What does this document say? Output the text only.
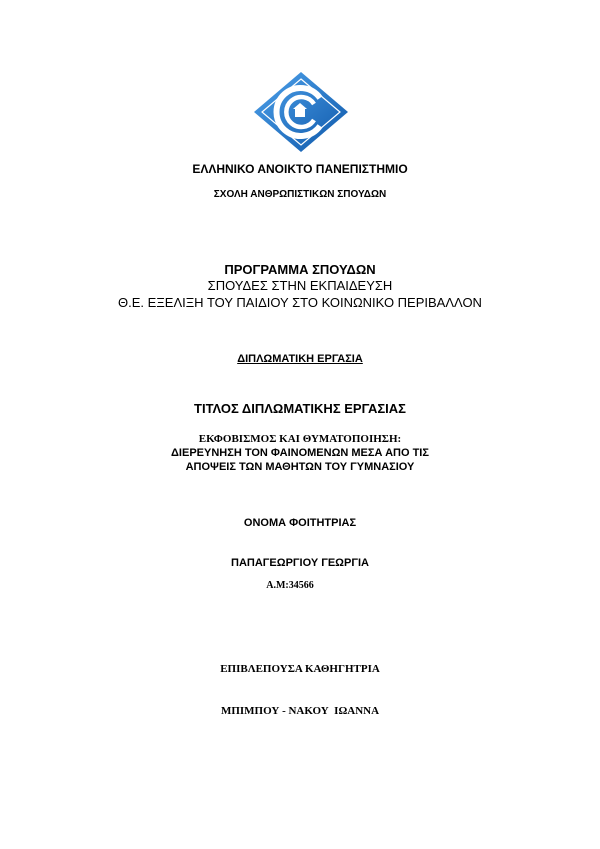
ΕΛΛΗΝΙΚΟ ΑΝΟΙΚΤΟ ΠΑΝΕΠΙΣΤΗΜΙΟ
ΣΧΟΛΗ ΑΝΘΡΩΠΙΣΤΙΚΩΝ ΣΠΟΥΔΩΝ
ΠΡΟΓΡΑΜΜΑ ΣΠΟΥΔΩΝ
ΣΠΟΥΔΕΣ ΣΤΗΝ ΕΚΠΑΙΔΕΥΣΗ
Θ.Ε. ΕΞΕΛΙΞΗ ΤΟΥ ΠΑΙΔΙΟΥ ΣΤΟ ΚΟΙΝΩΝΙΚΟ ΠΕΡΙΒΑΛΛΟΝ
ΔΙΠΛΩΜΑΤΙΚΗ ΕΡΓΑΣΙΑ
ΤΙΤΛΟΣ ΔΙΠΛΩΜΑΤΙΚΗΣ ΕΡΓΑΣΙΑΣ
ΕΚΦΟΒΙΣΜΟΣ ΚΑΙ ΘΥΜΑΤΟΠΟΙΗΣΗ:
ΔΙΕΡΕΥΝΗΣΗ ΤΟΝ ΦΑΙΝΟΜΕΝΩΝ ΜΕΣΑ ΑΠΟ ΤΙΣ
ΑΠΟΨΕΙΣ ΤΩΝ ΜΑΘΗΤΩΝ ΤΟΥ ΓΥΜΝΑΣΙΟΥ
ΟΝΟΜΑ ΦΟΙΤΗΤΡΙΑΣ
ΠΑΠΑΓΕΩΡΓΙΟΥ ΓΕΩΡΓΙΑ
Α.Μ:34566
ΕΠΙΒΛΕΠΟΥΣΑ ΚΑΘΗΓΗΤΡΙΑ
ΜΠΙΜΠΟΥ - ΝΑΚΟΥ  ΙΩΑΝΝΑ
